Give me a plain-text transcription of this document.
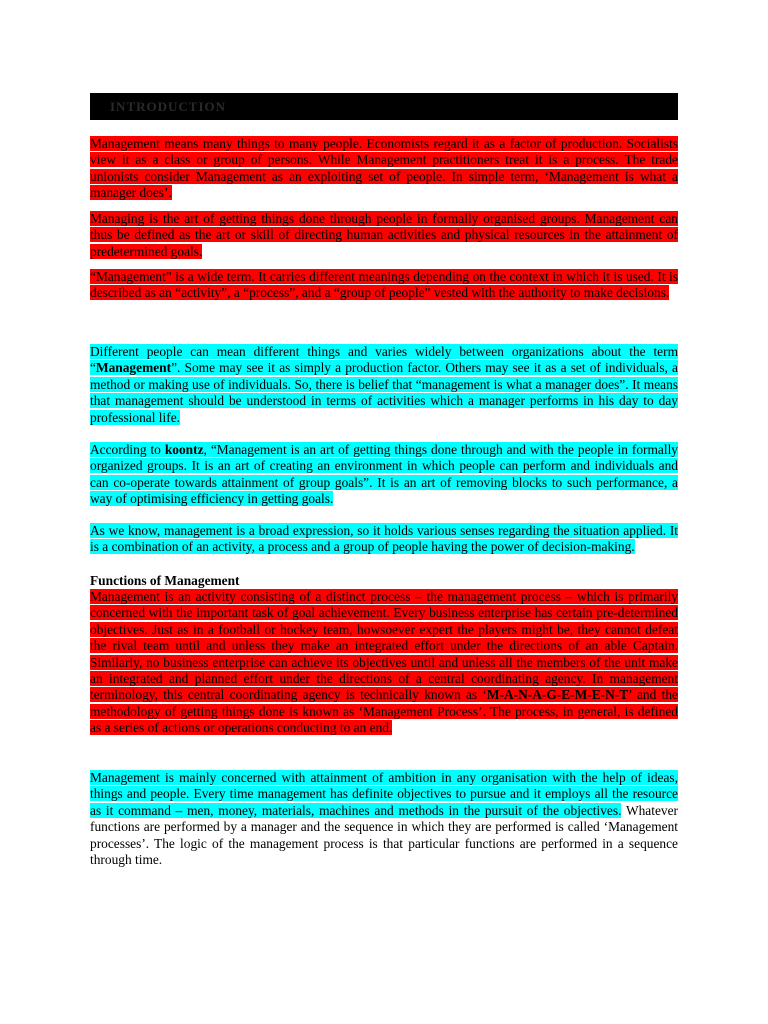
INTRODUCTION

Management means many things to many people. Economists regard it as a factor of production. Socialists view it as a class or group of persons. While Management practitioners treat it is a process. The trade unionists consider Management as an exploiting set of people. In simple term, ‘Management is what a manager does’.

Managing is the art of getting things done through people in formally organised groups. Management can thus be defined as the art or skill of directing human activities and physical resources in the attainment of predetermined goals.

“Management” is a wide term. It carries different meanings depending on the context in which it is used. It is described as an “activity”, a “process”, and a “group of people” vested with the authority to make decisions.

Different people can mean different things and varies widely between organizations about the term “Management”. Some may see it as simply a production factor. Others may see it as a set of individuals, a method or making use of individuals. So, there is belief that “management is what a manager does”. It means that management should be understood in terms of activities which a manager performs in his day to day professional life.

According to koontz, “Management is an art of getting things done through and with the people in formally organized groups. It is an art of creating an environment in which people can perform and individuals and can co-operate towards attainment of group goals”. It is an art of removing blocks to such performance, a way of optimising efficiency in getting goals.

As we know, management is a broad expression, so it holds various senses regarding the situation applied. It is a combination of an activity, a process and a group of people having the power of decision-making.

Functions of Management

Management is an activity consisting of a distinct process – the management process – which is primarily concerned with the important task of goal achievement. Every business enterprise has certain pre-determined objectives. Just as in a football or hockey team, howsoever expert the players might be, they cannot defeat the rival team until and unless they make an integrated effort under the directions of an able Captain. Similarly, no business enterprise can achieve its objectives until and unless all the members of the unit make an integrated and planned effort under the directions of a central coordinating agency. In management terminology, this central coordinating agency is technically known as ‘M-A-N-A-G-E-M-E-N-T’ and the methodology of getting things done is known as ‘Management Process’. The process, in general, is defined as a series of actions or operations conducting to an end.

Management is mainly concerned with attainment of ambition in any organisation with the help of ideas, things and people. Every time management has definite objectives to pursue and it employs all the resource as it command – men, money, materials, machines and methods in the pursuit of the objectives. Whatever functions are performed by a manager and the sequence in which they are performed is called ‘Management processes’. The logic of the management process is that particular functions are performed in a sequence through time.
